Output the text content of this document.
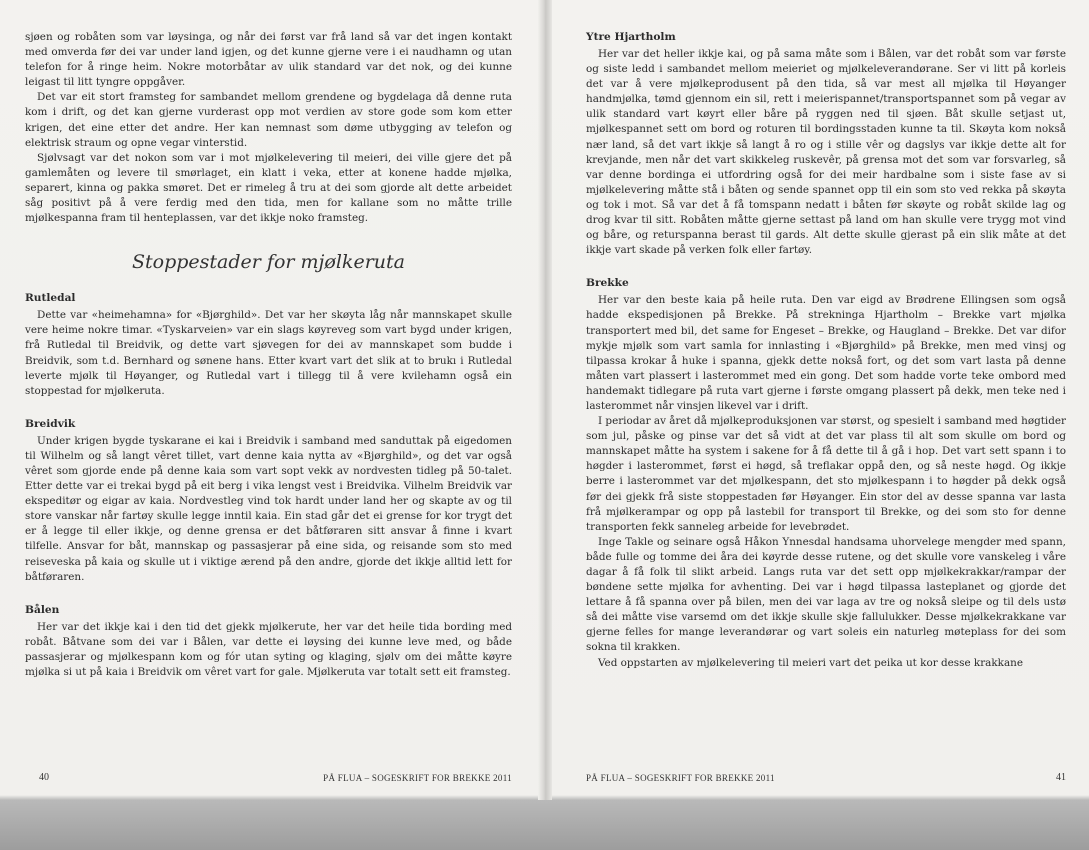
sjøen og robåten som var løysinga, og når dei først var frå land så var det ingen kontakt med omverda før dei var under land igjen, og det kunne gjerne vere i ei naudhamn og utan telefon for å ringe heim. Nokre motorbåtar av ulik standard var det nok, og dei kunne leigast til litt tyngre oppgåver.

Det var eit stort framsteg for sambandet mellom grendene og bygdelaga då denne ruta kom i drift, og det kan gjerne vurderast opp mot verdien av store gode som kom etter krigen, det eine etter det andre. Her kan nemnast som døme utbygging av telefon og elektrisk straum og opne vegar vinterstid.

Sjølvsagt var det nokon som var i mot mjølkelevering til meieri, dei ville gjere det på gamlemåten og levere til smørlaget, ein klatt i veka, etter at konene hadde mjølka, separert, kinna og pakka smøret. Det er rimeleg å tru at dei som gjorde alt dette arbeidet såg positivt på å vere ferdig med den tida, men for kallane som no måtte trille mjølkespanna fram til henteplassen, var det ikkje noko framsteg.

Stoppestader for mjølkeruta
Rutledal

Dette var «heimehamna» for «Bjørghild». Det var her skøyta låg når mannskapet skulle vere heime nokre timar. «Tyskarveien» var ein slags køyreveg som vart bygd under krigen, frå Rutledal til Breidvik, og dette vart sjøvegen for dei av mannskapet som budde i Breidvik, som t.d. Bernhard og sønene hans. Etter kvart vart det slik at to brukı i Rutledal leverte mjølk til Høyanger, og Rutledal vart i tillegg til å vere kvilehamn også ein stoppestad for mjølkeruta.

Breidvik

Under krigen bygde tyskarane ei kai i Breidvik i samband med sanduttak på eigedomen til Wilhelm og så langt vêret tillet, vart denne kaia nytta av «Bjørghild», og det var også vêret som gjorde ende på denne kaia som vart sopt vekk av nordvesten tidleg på 50-talet. Etter dette var ei trekai bygd på eit berg i vika lengst vest i Breidvika. Vilhelm Breidvik var ekspeditør og eigar av kaia. Nordvestleg vind tok hardt under land her og skapte av og til store vanskar når fartøy skulle legge inntil kaia. Ein stad går det ei grense for kor trygt det er å legge til eller ikkje, og denne grensa er det båtføraren sitt ansvar å finne i kvart tilfelle. Ansvar for båt, mannskap og passasjerar på eine sida, og reisande som sto med reiseveska på kaia og skulle ut i viktige ærend på den andre, gjorde det ikkje alltid lett for båtføraren.

Bålen

Her var det ikkje kai i den tid det gjekk mjølkerute, her var det heile tida bording med robåt. Båtvane som dei var i Bålen, var dette ei løysing dei kunne leve med, og både passasjerar og mjølkespann kom og fór utan syting og klaging, sjølv om dei måtte køyre mjølka si ut på kaia i Breidvik om vêret vart for gale. Mjølkeruta var totalt sett eit framsteg.

40	PÅ FLUA – SOGESKRIFT FOR BREKKE 2011
Ytre Hjartholm

Her var det heller ikkje kai, og på sama måte som i Bålen, var det robåt som var første og siste ledd i sambandet mellom meieriet og mjølkeleverandørane. Ser vi litt på korleis det var å vere mjølkeprodusent på den tida, så var mest all mjølka til Høyanger handmjølka, tømd gjennom ein sil, rett i meierispannet/transportspannet som på vegar av ulik standard vart køyrt eller båre på ryggen ned til sjøen. Båt skulle setjast ut, mjølkespannet sett om bord og roturen til bordingsstaden kunne ta til. Skøyta kom nokså nær land, så det vart ikkje så langt å ro og i stille vêr og dagslys var ikkje dette alt for krevjande, men når det vart skikkeleg ruskevêr, på grensa mot det som var forsvarleg, så var denne bordinga ei utfordring også for dei meir hardbalne som i siste fase av si mjølkelevering måtte stå i båten og sende spannet opp til ein som sto ved rekka på skøyta og tok i mot. Så var det å få tomspann nedatt i båten før skøyte og robåt skilde lag og drog kvar til sitt. Robåten måtte gjerne settast på land om han skulle vere trygg mot vind og båre, og returspanna berast til gards. Alt dette skulle gjerast på ein slik måte at det ikkje vart skade på verken folk eller fartøy.

Brekke

Her var den beste kaia på heile ruta. Den var eigd av Brødrene Ellingsen som også hadde ekspedisjonen på Brekke. På strekninga Hjartholm – Brekke vart mjølka transportert med bil, det same for Engeset – Brekke, og Haugland – Brekke. Det var difor mykje mjølk som vart samla for innlasting i «Bjørghild» på Brekke, men med vinsj og tilpassa krokar å huke i spanna, gjekk dette nokså fort, og det som vart lasta på denne måten vart plassert i lasterommet med ein gong. Det som hadde vorte teke ombord med handemakt tidlegare på ruta vart gjerne i første omgang plassert på dekk, men teke ned i lasterommet når vinsjen likevel var i drift.

I periodar av året då mjølkeproduksjonen var størst, og spesielt i samband med høgtider som jul, påske og pinse var det så vidt at det var plass til alt som skulle om bord og mannskapet måtte ha system i sakene for å få dette til å gå i hop. Det vart sett spann i to høgder i lasterommet, først ei høgd, så treflakar oppå den, og så neste høgd. Og ikkje berre i lasterommet var det mjølkespann, det sto mjølkespann i to høgder på dekk også før dei gjekk frå siste stoppestaden før Høyanger. Ein stor del av desse spanna var lasta frå mjølkerampar og opp på lastebil for transport til Brekke, og dei som sto for denne transporten fekk sanneleg arbeide for levebrødet.

Inge Takle og seinare også Håkon Ynnesdal handsama uhorvelege mengder med spann, både fulle og tomme dei åra dei køyrde desse rutene, og det skulle vore vanskeleg i våre dagar å få folk til slikt arbeid. Langs ruta var det sett opp mjølkekrakkar/rampar der bøndene sette mjølka for avhenting. Dei var i høgd tilpassa lasteplanet og gjorde det lettare å få spanna over på bilen, men dei var laga av tre og nokså sleipe og til dels ustø så dei måtte vise varsemd om det ikkje skulle skje fallulukker. Desse mjølkekrakkane var gjerne felles for mange leverandørar og vart soleis ein naturleg møteplass for dei som sokna til krakken.

Ved oppstarten av mjølkelevering til meieri vart det peika ut kor desse krakkane

PÅ FLUA – SOGESKRIFT FOR BREKKE 2011	41
